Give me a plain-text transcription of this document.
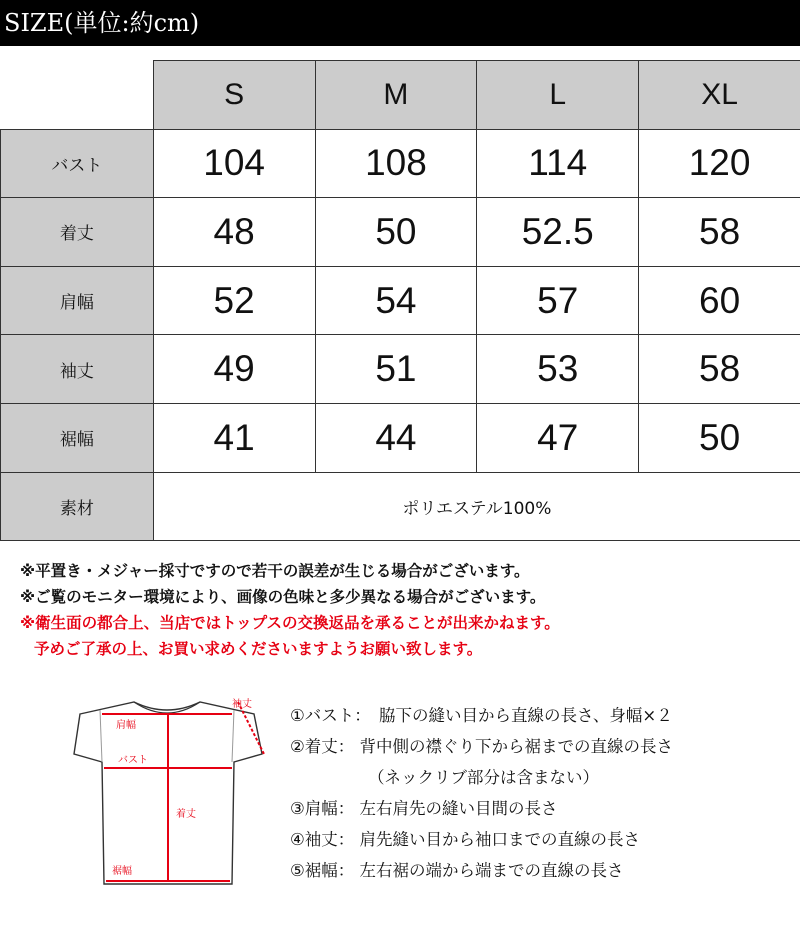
SIZE(単位:約cm)
	S	M	L	XL
バスト	104	108	114	120
着丈	48	50	52.5	58
肩幅	52	54	57	60
袖丈	49	51	53	58
裾幅	41	44	47	50
素材	ポリエステル100%			
※平置き・メジャー採寸ですので若干の誤差が生じる場合がございます。
※ご覧のモニター環境により、画像の色味と多少異なる場合がございます。
※衛生面の都合上、当店ではトップスの交換返品を承ることが出来かねます。
予めご了承の上、お買い求めくださいますようお願い致します。
肩幅
袖丈
バスト
着丈
裾幅
①バスト：　脇下の縫い目から直線の長さ、身幅×２
②着丈： 背中側の襟ぐり下から裾までの直線の長さ
（ネックリブ部分は含まない）
③肩幅： 左右肩先の縫い目間の長さ
④袖丈： 肩先縫い目から袖口までの直線の長さ
⑤裾幅： 左右裾の端から端までの直線の長さ
